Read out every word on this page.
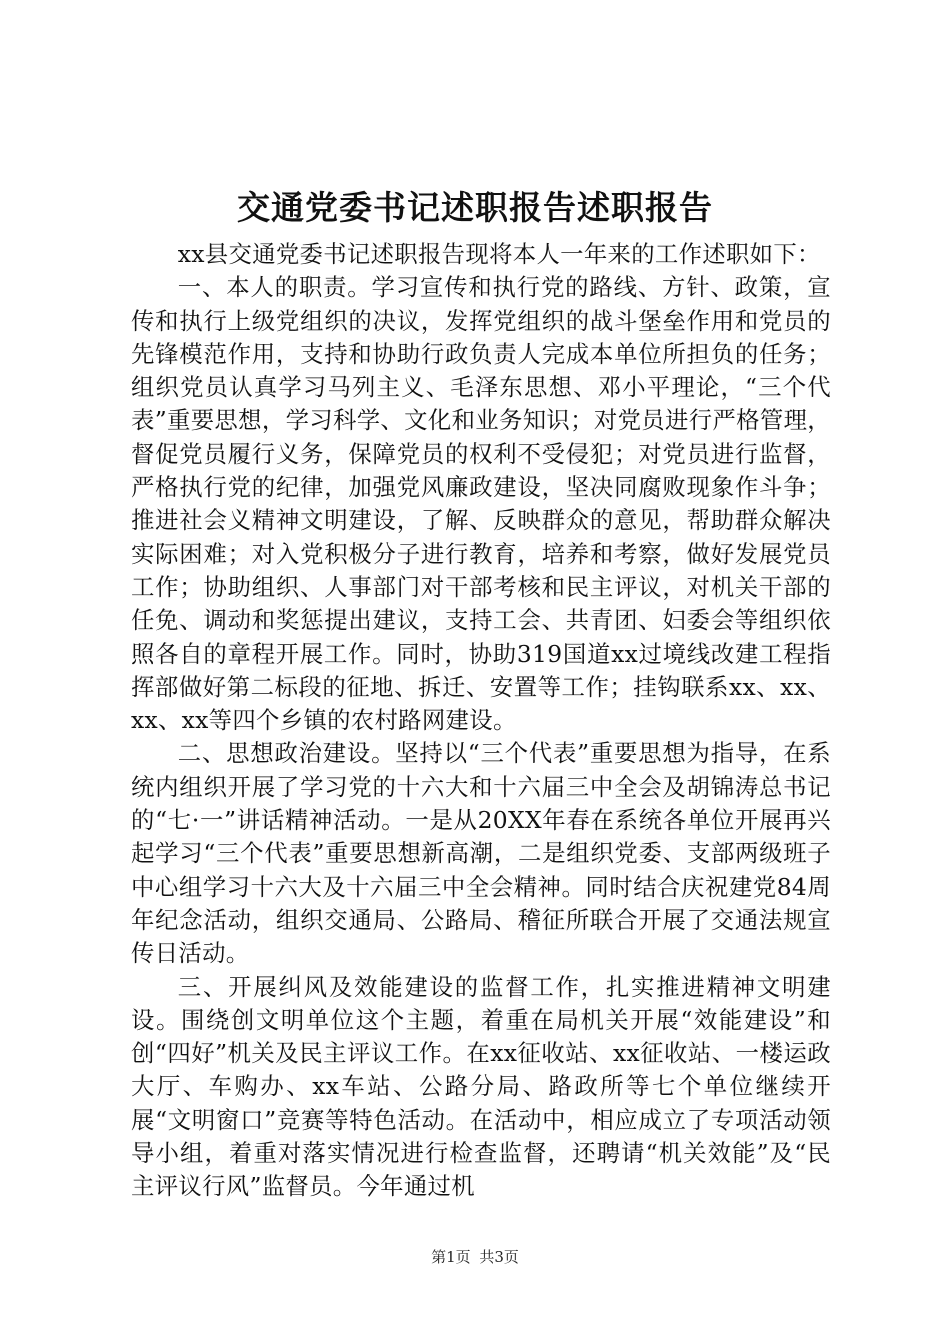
交通党委书记述职报告述职报告

xx县交通党委书记述职报告现将本人一年来的工作述职如下：

一、本人的职责。学习宣传和执行党的路线、方针、政策，宣传和执行上级党组织的决议，发挥党组织的战斗堡垒作用和党员的先锋模范作用，支持和协助行政负责人完成本单位所担负的任务；组织党员认真学习马列主义、毛泽东思想、邓小平理论，“三个代表”重要思想，学习科学、文化和业务知识；对党员进行严格管理，督促党员履行义务，保障党员的权利不受侵犯；对党员进行监督，严格执行党的纪律，加强党风廉政建设，坚决同腐败现象作斗争；推进社会义精神文明建设，了解、反映群众的意见，帮助群众解决实际困难；对入党积极分子进行教育，培养和考察，做好发展党员工作；协助组织、人事部门对干部考核和民主评议，对机关干部的任免、调动和奖惩提出建议，支持工会、共青团、妇委会等组织依照各自的章程开展工作。同时，协助319国道xx过境线改建工程指挥部做好第二标段的征地、拆迁、安置等工作；挂钩联系xx、xx、xx、xx等四个乡镇的农村路网建设。

二、思想政治建设。坚持以“三个代表”重要思想为指导，在系统内组织开展了学习党的十六大和十六届三中全会及胡锦涛总书记的“七·一”讲话精神活动。一是从20XX年春在系统各单位开展再兴起学习“三个代表”重要思想新高潮，二是组织党委、支部两级班子中心组学习十六大及十六届三中全会精神。同时结合庆祝建党84周年纪念活动，组织交通局、公路局、稽征所联合开展了交通法规宣传日活动。

三、开展纠风及效能建设的监督工作，扎实推进精神文明建设。围绕创文明单位这个主题，着重在局机关开展“效能建设”和创“四好”机关及民主评议工作。在xx征收站、xx征收站、一楼运政大厅、车购办、xx车站、公路分局、路政所等七个单位继续开展“文明窗口”竞赛等特色活动。在活动中，相应成立了专项活动领导小组，着重对落实情况进行检查监督，还聘请“机关效能”及“民主评议行风”监督员。今年通过机

第1页 共3页
